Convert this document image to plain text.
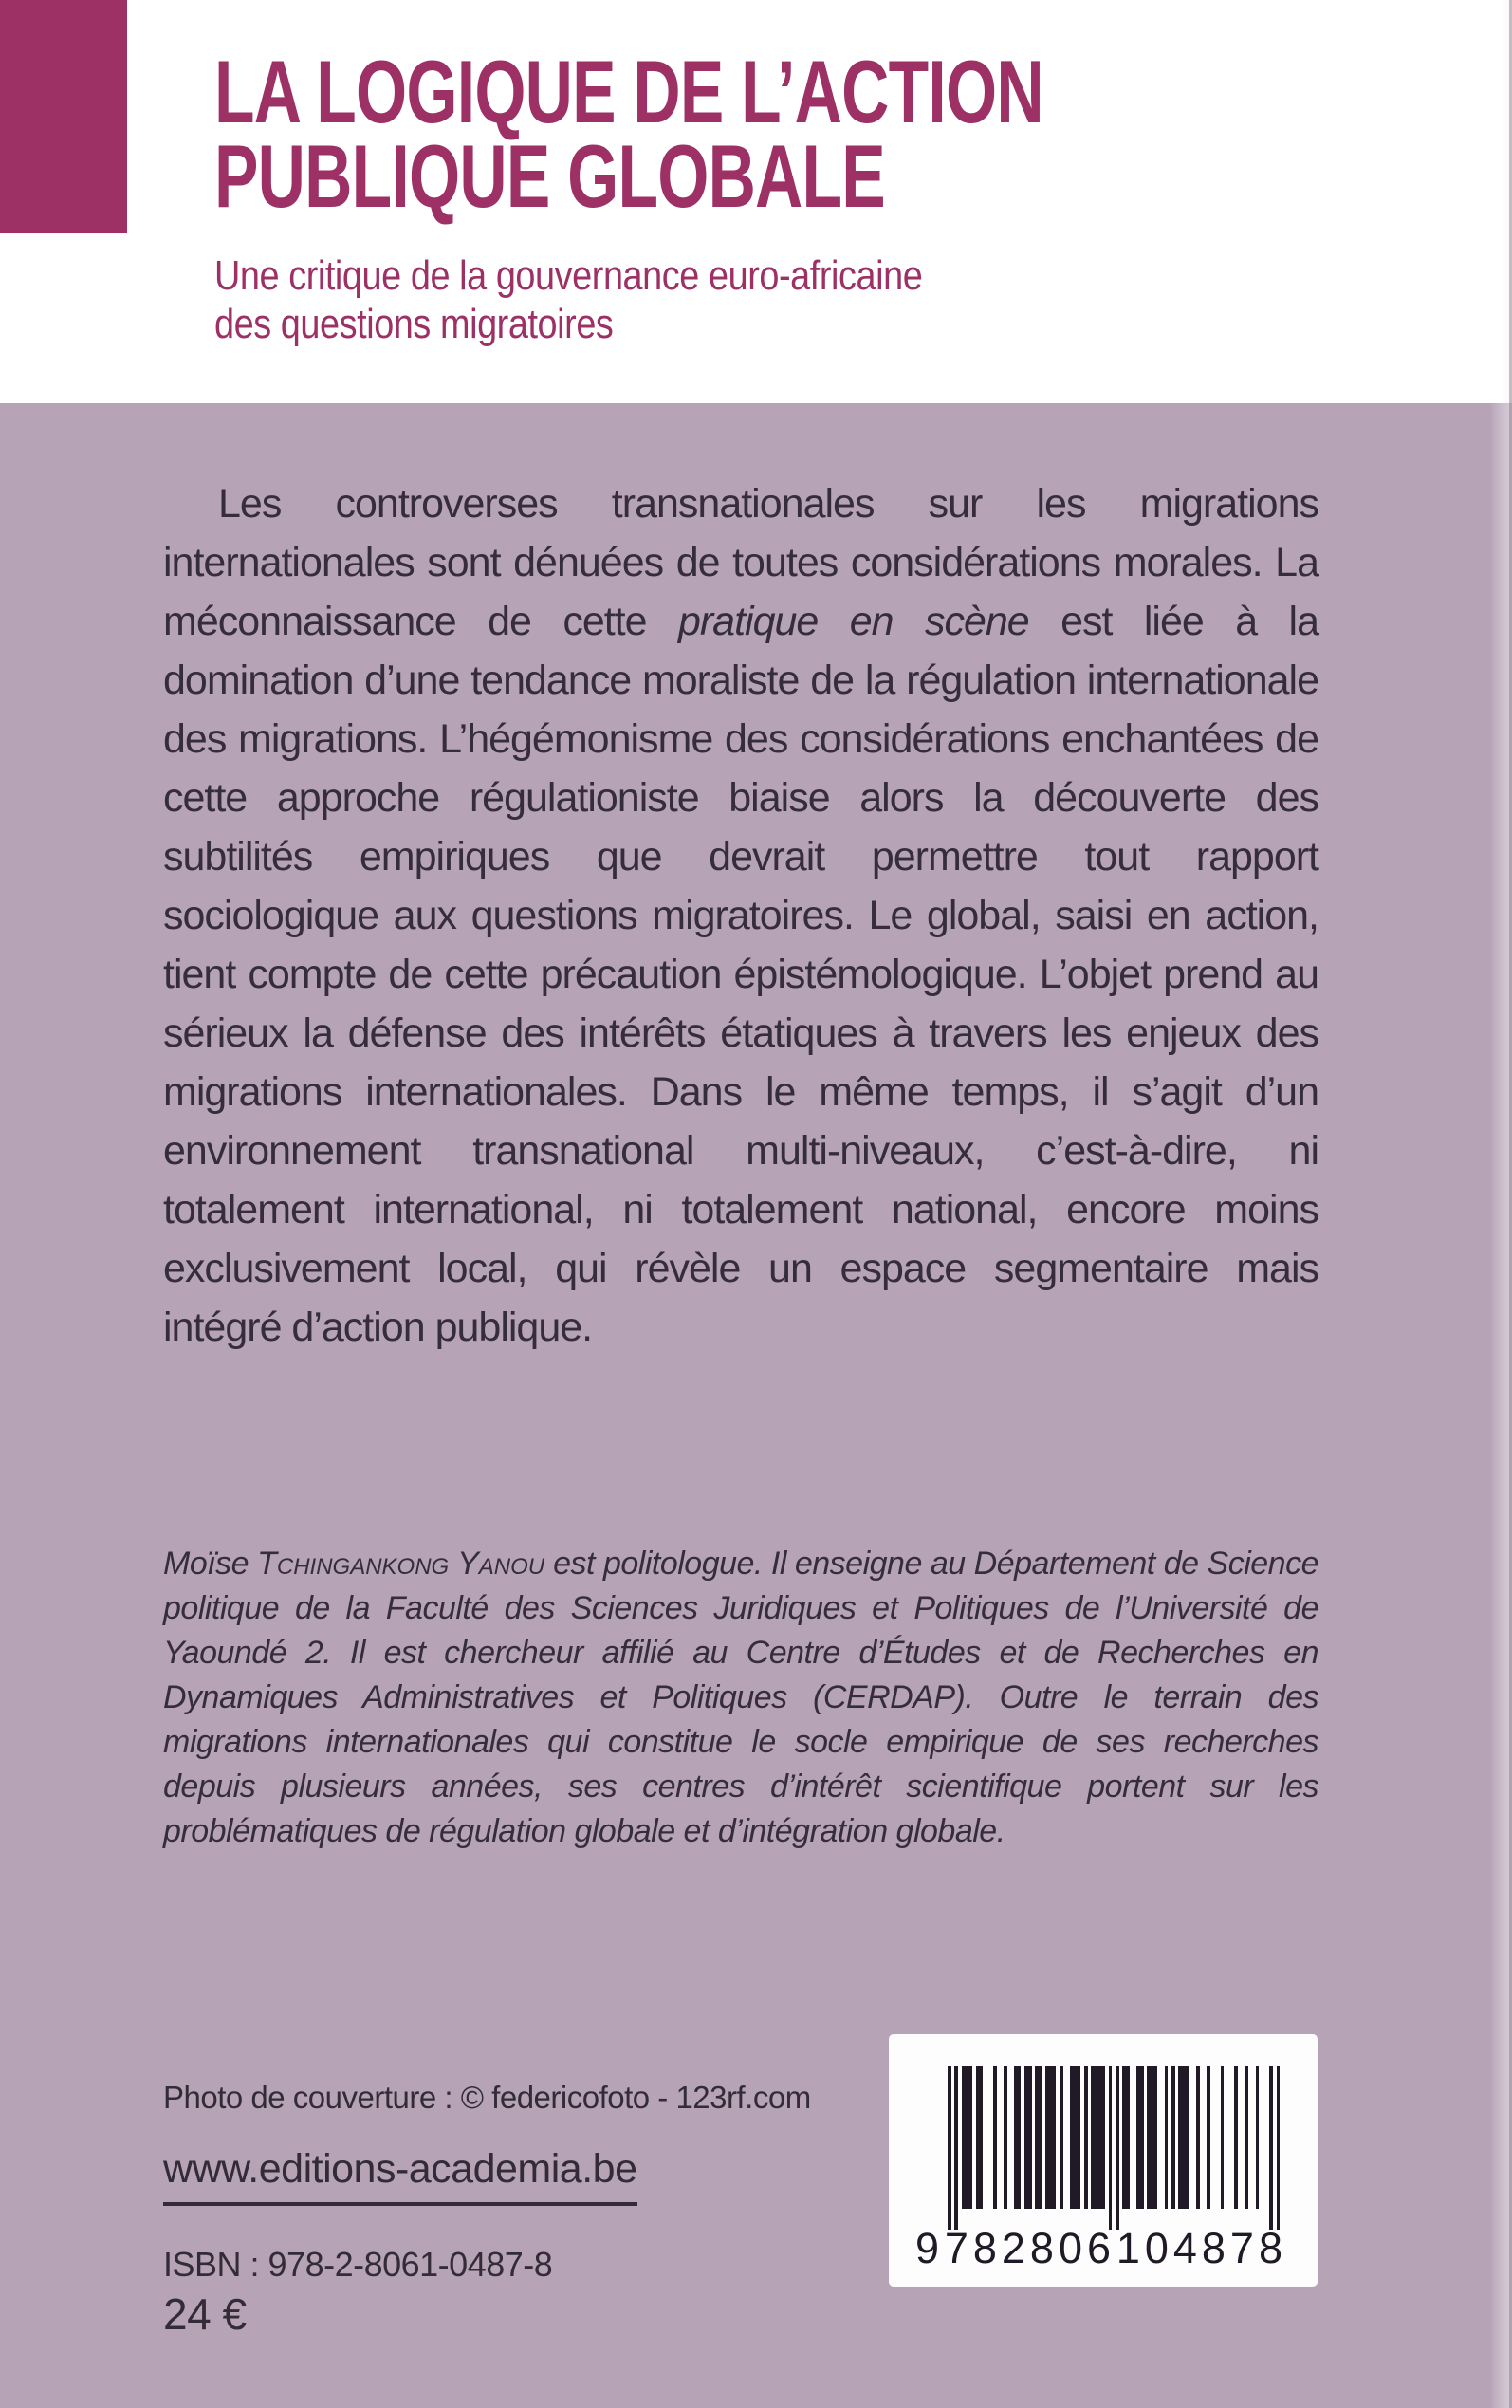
LA LOGIQUE DE L’ACTION
PUBLIQUE GLOBALE
Une critique de la gouvernance euro-africaine
des questions migratoires

Les controverses transnationales sur les migrations internationales sont dénuées de toutes considérations morales. La méconnaissance de cette pratique en scène est liée à la domination d’une tendance moraliste de la régulation internationale des migrations. L’hégémonisme des considérations enchantées de cette approche régulationiste biaise alors la découverte des subtilités empiriques que devrait permettre tout rapport sociologique aux questions migratoires. Le global, saisi en action, tient compte de cette précaution épistémologique. L’objet prend au sérieux la défense des intérêts étatiques à travers les enjeux des migrations internationales. Dans le même temps, il s’agit d’un environnement transnational multi-niveaux, c’est-à-dire, ni totalement international, ni totalement national, encore moins exclusivement local, qui révèle un espace segmentaire mais intégré d’action publique.

Moïse Tchingankong Yanou est politologue. Il enseigne au Département de Science politique de la Faculté des Sciences Juridiques et Politiques de l’Université de Yaoundé 2. Il est chercheur affilié au Centre d’Études et de Recherches en Dynamiques Administratives et Politiques (CERDAP). Outre le terrain des migrations internationales qui constitue le socle empirique de ses recherches depuis plusieurs années, ses centres d’intérêt scientifique portent sur les problématiques de régulation globale et d’intégration globale.

Photo de couverture : © federicofoto - 123rf.com
www.editions-academia.be
ISBN : 978-2-8061-0487-8
24 €
9 782806 104878
